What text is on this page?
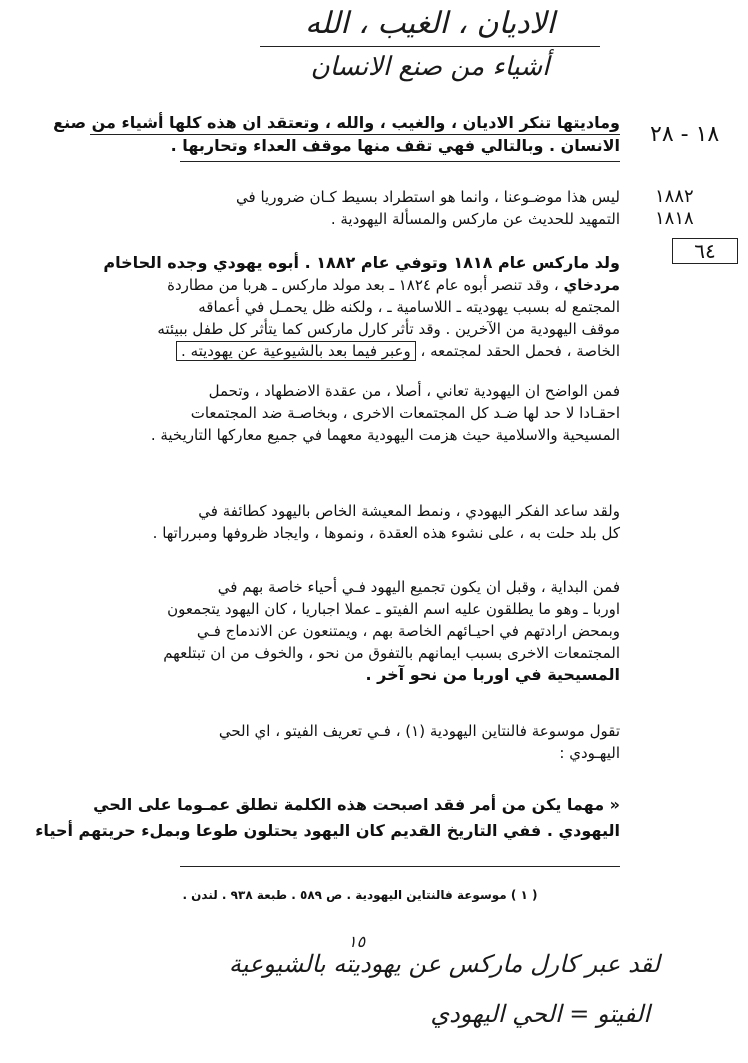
الاديان ، الغيب ، الله
أشياء من صنع الانسان
وماديتها تنكر الاديان ، والغيب ، والله ، وتعتقد ان هذه كلها أشياء من صنع
الانسان . وبالتالي فهي تقف منها موقف العداء وتحاربها . ١٨ - ٢٨
١٨٨٢
١٨١٨
٦٤
ليس هذا موضـوعنا ، وانما هو استطراد بسيط كـان ضروريا في
التمهيد للحديث عن ماركس والمسألة اليهودية .
ولد ماركس عام ١٨١٨ وتوفي عام ١٨٨٢ . أبوه يهودي وجده الحاخام
مردخاي ، وقد تنصر أبوه عام ١٨٢٤ ـ بعد مولد ماركس ـ هربا من مطاردة
المجتمع له بسبب يهوديته ـ اللاسامية ـ ، ولكنه ظل يحمـل في أعماقه
موقف اليهودية من الآخرين . وقد تأثر كارل ماركس كما يتأثر كل طفل ببيئته
الخاصة ، فحمل الحقد لمجتمعه ، وعبر فيما بعد بالشيوعية عن يهوديته .
فمن الواضح ان اليهودية تعاني ، أصلا ، من عقدة الاضطهاد ، وتحمل
احقـادا لا حد لها ضـد كل المجتمعات الاخرى ، وبخاصـة ضد المجتمعات
المسيحية والاسلامية حيث هزمت اليهودية معهما في جميع معاركها التاريخية .
ولقد ساعد الفكر اليهودي ، ونمط المعيشة الخاص باليهود كطائفة في
كل بلد حلت به ، على نشوء هذه العقدة ، ونموها ، وايجاد ظروفها ومبرراتها .
فمن البداية ، وقبل ان يكون تجميع اليهود فـي أحياء خاصة بهم في
اوربا ـ وهو ما يطلقون عليه اسم الفيتو ـ عملا اجباريا ، كان اليهود يتجمعون
وبمحض ارادتهم في احيـائهم الخاصة بهم ، ويمتنعون عن الاندماج فـي
المجتمعات الاخرى بسبب ايمانهم بالتفوق من نحو ، والخوف من ان تبتلعهم
المسيحية في اوربا من نحو آخر .
تقول موسوعة فالنتاين اليهودية (١) ، فـي تعريف الفيتو ، اي الحي
اليهـودي :
« مهما يكن من أمر فقد اصبحت هذه الكلمة تطلق عمـوما على الحي
اليهودي . ففي التاريخ القديم كان اليهود يحتلون طوعا وبملء حريتهم أحياء
( ١ ) موسوعة فالنتاين اليهودية . ص ٥٨٩ . طبعة ٩٣٨ . لندن .
١٥
لقد عبر كارل ماركس عن يهوديته بالشيوعية
الفيتو = الحي اليهودي
